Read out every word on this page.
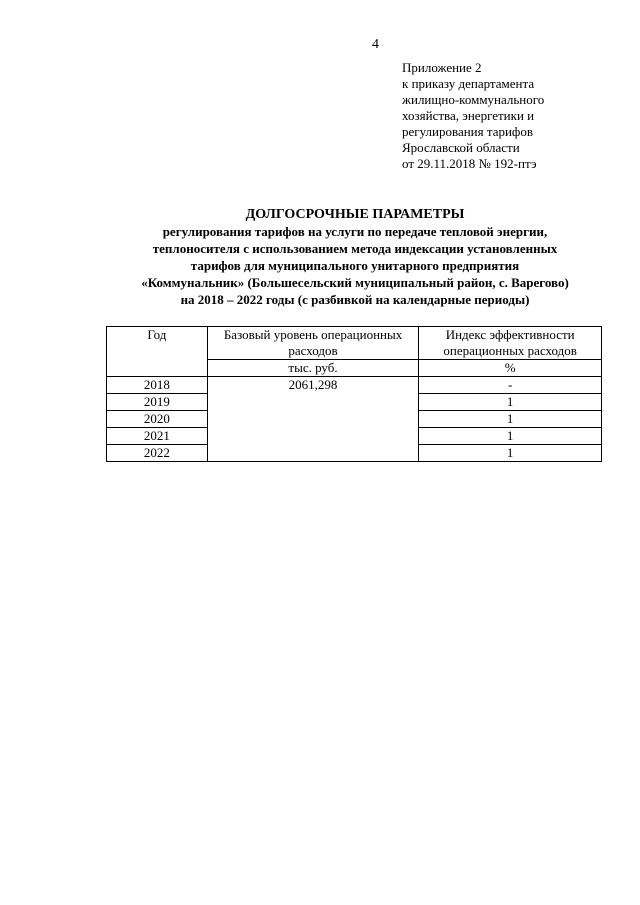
4
Приложение 2
к приказу департамента
жилищно-коммунального
хозяйства, энергетики и
регулирования тарифов
Ярославской области
от 29.11.2018 № 192-птэ
ДОЛГОСРОЧНЫЕ ПАРАМЕТРЫ
регулирования тарифов на услуги по передаче тепловой энергии,
теплоносителя с использованием метода индексации установленных
тарифов для муниципального унитарного предприятия
«Коммунальник» (Большесельский муниципальный район, с. Варегово)
на 2018 – 2022 годы (с разбивкой на календарные периоды)
Год	Базовый уровень операционных расходов	Индекс эффективности операционных расходов
	тыс. руб.	%
2018	2061,298	-
2019		1
2020		1
2021		1
2022		1
